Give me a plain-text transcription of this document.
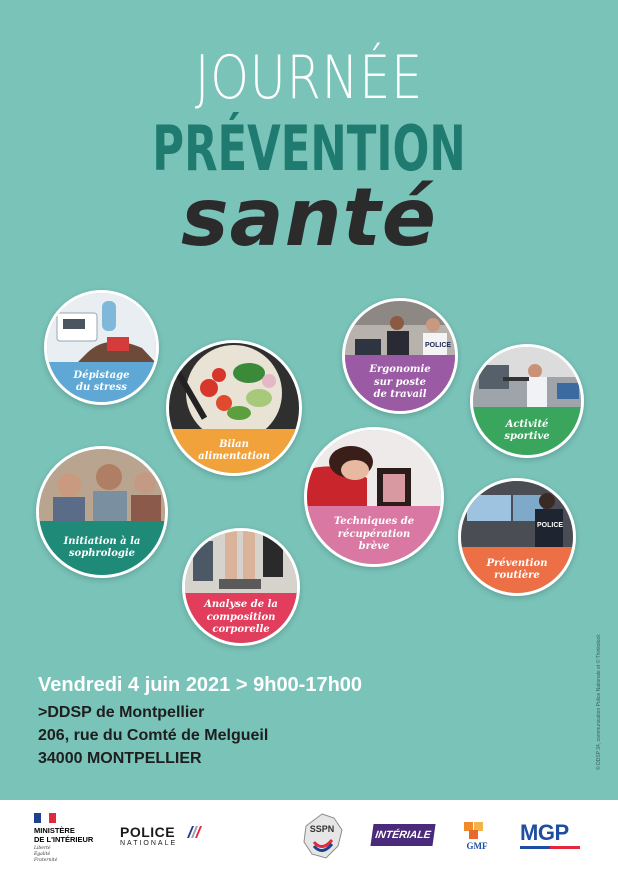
JOURNÉE
PRÉVENTION
santé
Dépistage
du stress
Bilan
alimentation
POLICE
Ergonomie
sur poste
de travail
Activité
sportive
Initiation à la
sophrologie
Techniques de
récupération
brève
POLICE
Prévention
routière
Analyse de la
composition
corporelle
Vendredi 4 juin 2021 > 9h00-17h00
>DDSP de Montpellier
206, rue du Comté de Melgueil
34000 MONTPELLIER	© DDSP 34, communication Police Nationale et © Thinkstock
MINISTÈRE
DE L'INTÉRIEUR
Liberté
Égalité
Fraternité
POLICE
NATIONALE
SSPN	INTÉRIALE
GMF
MGP
